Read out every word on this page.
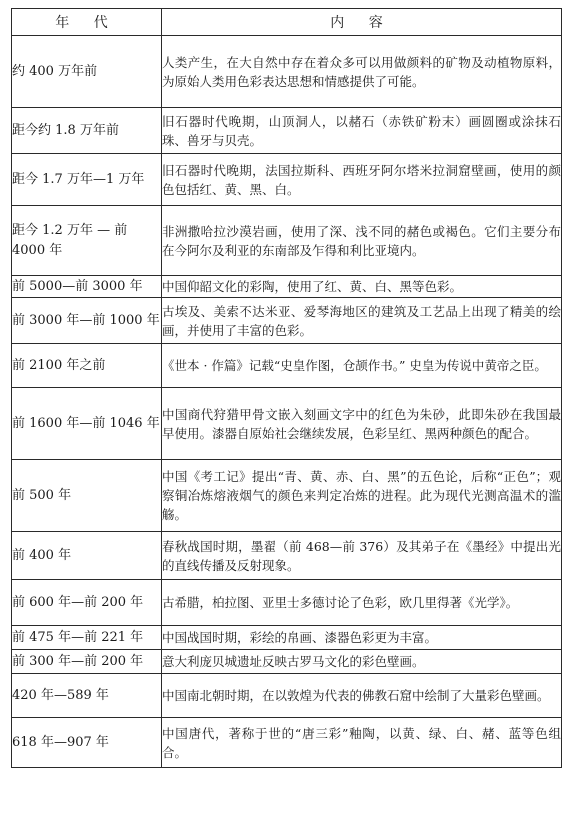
年 代	内 容
约 400 万年前	人类产生，在大自然中存在着众多可以用做颜料的矿物及动植物原料，为原始人类用色彩表达思想和情感提供了可能。
距今约 1.8 万年前	旧石器时代晚期，山顶洞人，以赭石（赤铁矿粉末）画圆圈或涂抹石珠、兽牙与贝壳。
距今 1.7 万年—1 万年	旧石器时代晚期，法国拉斯科、西班牙阿尔塔米拉洞窟壁画，使用的颜色包括红、黄、黑、白。
距今 1.2 万年 — 前 4000 年	非洲撒哈拉沙漠岩画，使用了深、浅不同的赭色或褐色。它们主要分布在今阿尔及利亚的东南部及乍得和利比亚境内。
前 5000—前 3000 年	中国仰韶文化的彩陶，使用了红、黄、白、黑等色彩。
前 3000 年—前 1000 年	古埃及、美索不达米亚、爱琴海地区的建筑及工艺品上出现了精美的绘画，并使用了丰富的色彩。
前 2100 年之前	《世本 · 作篇》记载“史皇作图，仓颉作书。” 史皇为传说中黄帝之臣。
前 1600 年—前 1046 年	中国商代狩猎甲骨文嵌入刻画文字中的红色为朱砂，此即朱砂在我国最早使用。漆器自原始社会继续发展，色彩呈红、黑两种颜色的配合。
前 500 年	中国《考工记》提出“青、黄、赤、白、黑”的五色论，后称“正色”；观察铜冶炼熔液烟气的颜色来判定冶炼的进程。此为现代光测高温术的滥觞。
前 400 年	春秋战国时期，墨翟（前 468—前 376）及其弟子在《墨经》中提出光的直线传播及反射现象。
前 600 年—前 200 年	古希腊，柏拉图、亚里士多德讨论了色彩，欧几里得著《光学》。
前 475 年—前 221 年	中国战国时期，彩绘的帛画、漆器色彩更为丰富。
前 300 年—前 200 年	意大利庞贝城遗址反映古罗马文化的彩色壁画。
420 年—589 年	中国南北朝时期，在以敦煌为代表的佛教石窟中绘制了大量彩色壁画。
618 年—907 年	中国唐代，著称于世的“唐三彩”釉陶，以黄、绿、白、赭、蓝等色组合。
